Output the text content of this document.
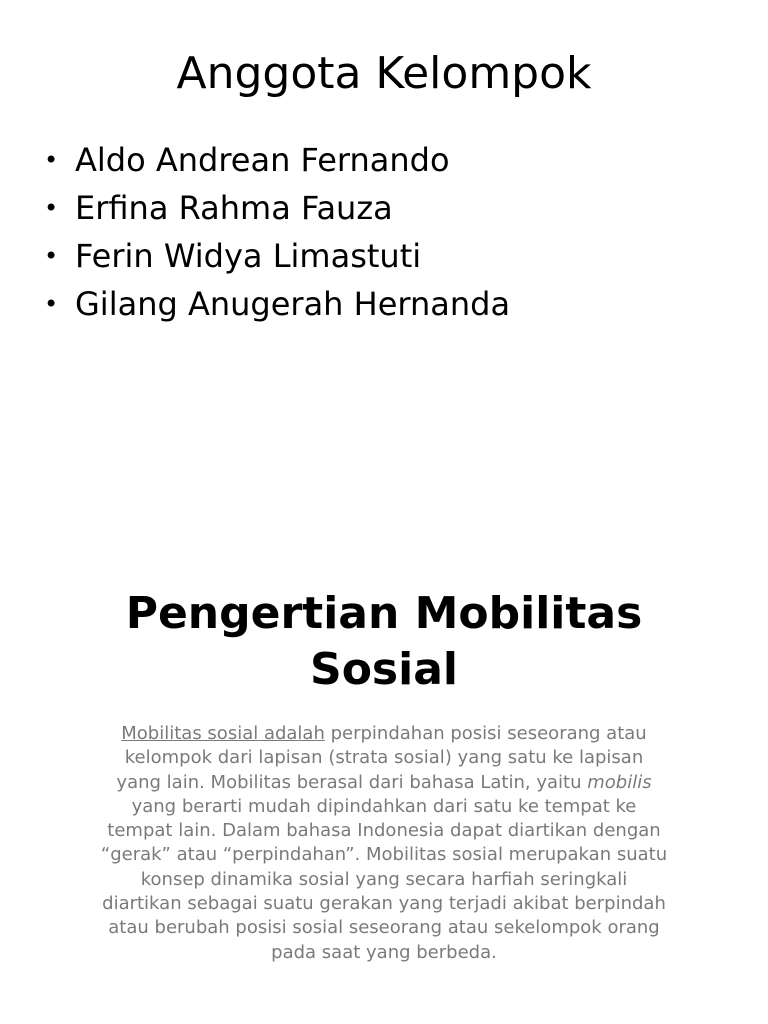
Anggota Kelompok
• Aldo Andrean Fernando
• Erfina Rahma Fauza
• Ferin Widya Limastuti
• Gilang Anugerah Hernanda
Pengertian Mobilitas
Sosial

Mobilitas sosial adalah perpindahan posisi seseorang atau kelompok dari lapisan (strata sosial) yang satu ke lapisan yang lain. Mobilitas berasal dari bahasa Latin, yaitu mobilis yang berarti mudah dipindahkan dari satu ke tempat ke tempat lain. Dalam bahasa Indonesia dapat diartikan dengan “gerak” atau “perpindahan”. Mobilitas sosial merupakan suatu konsep dinamika sosial yang secara harfiah seringkali diartikan sebagai suatu gerakan yang terjadi akibat berpindah atau berubah posisi sosial seseorang atau sekelompok orang pada saat yang berbeda.
